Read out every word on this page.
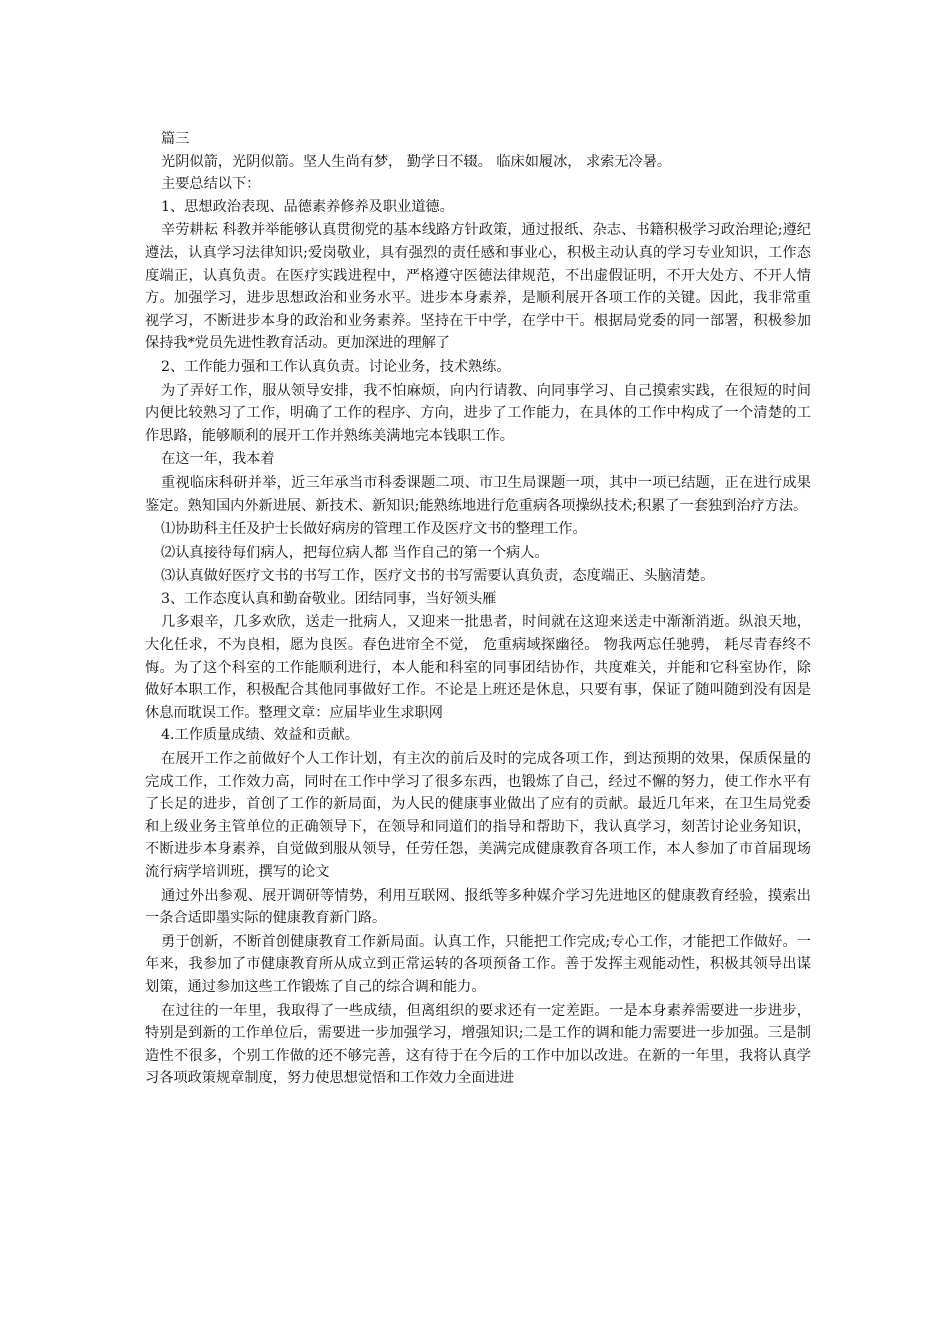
篇三

光阴似箭，光阴似箭。坚人生尚有梦， 勤学日不辍。 临床如履冰， 求索无冷暑。

主要总结以下：

1、思想政治表现、品德素养修养及职业道德。

辛劳耕耘 科教并举能够认真贯彻党的基本线路方针政策，通过报纸、杂志、书籍积极学习政治理论;遵纪遵法，认真学习法律知识;爱岗敬业，具有强烈的责任感和事业心，积极主动认真的学习专业知识，工作态度端正，认真负责。在医疗实践进程中，严格遵守医德法律规范，不出虚假证明，不开大处方、不开人情方。加强学习，进步思想政治和业务水平。进步本身素养，是顺利展开各项工作的关键。因此，我非常重视学习，不断进步本身的政治和业务素养。坚持在干中学，在学中干。根据局党委的同一部署，积极参加保持我*党员先进性教育活动。更加深进的理解了

2、工作能力强和工作认真负责。讨论业务，技术熟练。

为了弄好工作，服从领导安排，我不怕麻烦，向内行请教、向同事学习、自己摸索实践，在很短的时间内便比较熟习了工作，明确了工作的程序、方向，进步了工作能力，在具体的工作中构成了一个清楚的工作思路，能够顺利的展开工作并熟练美满地完本钱职工作。

在这一年，我本着

重视临床科研并举，近三年承当市科委课题二项、市卫生局课题一项，其中一项已结题，正在进行成果鉴定。熟知国内外新进展、新技术、新知识;能熟练地进行危重病各项操纵技术;积累了一套独到治疗方法。

⑴协助科主任及护士长做好病房的管理工作及医疗文书的整理工作。

⑵认真接待每们病人，把每位病人都 当作自己的第一个病人。

⑶认真做好医疗文书的书写工作，医疗文书的书写需要认真负责，态度端正、头脑清楚。

3、工作态度认真和勤奋敬业。团结同事，当好领头雁

几多艰辛，几多欢欣，送走一批病人，又迎来一批患者，时间就在这迎来送走中渐渐消逝。纵浪天地，大化任求，不为良相，愿为良医。春色进帘全不觉， 危重病域探幽径。 物我两忘任驰骋， 耗尽青春终不悔。为了这个科室的工作能顺利进行，本人能和科室的同事团结协作，共度难关，并能和它科室协作，除做好本职工作，积极配合其他同事做好工作。不论是上班还是休息，只要有事，保证了随叫随到没有因是休息而耽误工作。整理文章：应届毕业生求职网

4.工作质量成绩、效益和贡献。

在展开工作之前做好个人工作计划，有主次的前后及时的完成各项工作，到达预期的效果，保质保量的完成工作，工作效力高，同时在工作中学习了很多东西，也锻炼了自己，经过不懈的努力，使工作水平有了长足的进步，首创了工作的新局面，为人民的健康事业做出了应有的贡献。最近几年来，在卫生局党委和上级业务主管单位的正确领导下，在领导和同道们的指导和帮助下，我认真学习，刻苦讨论业务知识，不断进步本身素养，自觉做到服从领导，任劳任怨，美满完成健康教育各项工作，本人参加了市首届现场流行病学培训班，撰写的论文

通过外出参观、展开调研等情势，利用互联网、报纸等多种媒介学习先进地区的健康教育经验，摸索出一条合适即墨实际的健康教育新门路。

勇于创新，不断首创健康教育工作新局面。认真工作，只能把工作完成;专心工作，才能把工作做好。一年来，我参加了市健康教育所从成立到正常运转的各项预备工作。善于发挥主观能动性，积极其领导出谋划策，通过参加这些工作锻炼了自己的综合调和能力。

在过往的一年里，我取得了一些成绩，但离组织的要求还有一定差距。一是本身素养需要进一步进步，特别是到新的工作单位后，需要进一步加强学习，增强知识;二是工作的调和能力需要进一步加强。三是制造性不很多，个别工作做的还不够完善，这有待于在今后的工作中加以改进。在新的一年里，我将认真学习各项政策规章制度，努力使思想觉悟和工作效力全面进进
